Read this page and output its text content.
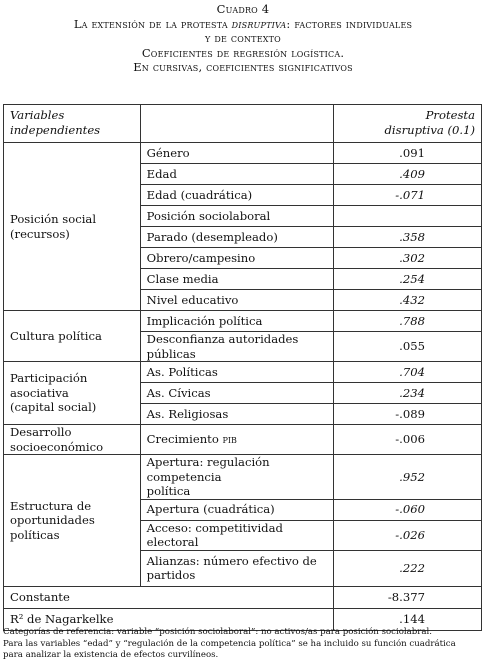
Cuadro 4
La extensión de la protesta disruptiva: factores individuales
y de contexto
Coeficientes de regresión logística.
En cursivas, coeficientes significativos
Variables independientes		Protesta
disruptiva (0.1)
Posición social
(recursos)	Género	.091
	Edad	.409
	Edad (cuadrática)	-.071
	Posición sociolaboral	
	Parado (desempleado)	.358
	Obrero/campesino	.302
	Clase media	.254
	Nivel educativo	.432
Cultura política	Implicación política	.788
	Desconfianza autoridades públicas	.055
Participación asociativa
(capital social)	As. Políticas	.704
	As. Cívicas	.234
	As. Religiosas	-.089
Desarrollo
socioeconómico	Crecimiento pib	-.006
Estructura de
oportunidades políticas	Apertura: regulación competencia
política	.952
	Apertura (cuadrática)	-.060
	Acceso: competitividad electoral	-.026
	Alianzas: número efectivo de
partidos	.222
Constante		-8.377
R² de Nagarkelke		.144
Categorías de referencia: variable “posición sociolaboral”: no activos/as para posición sociolabral.
Para las variables “edad” y “regulación de la competencia política” se ha incluido su función cuadrática
para analizar la existencia de efectos curvilíneos.
